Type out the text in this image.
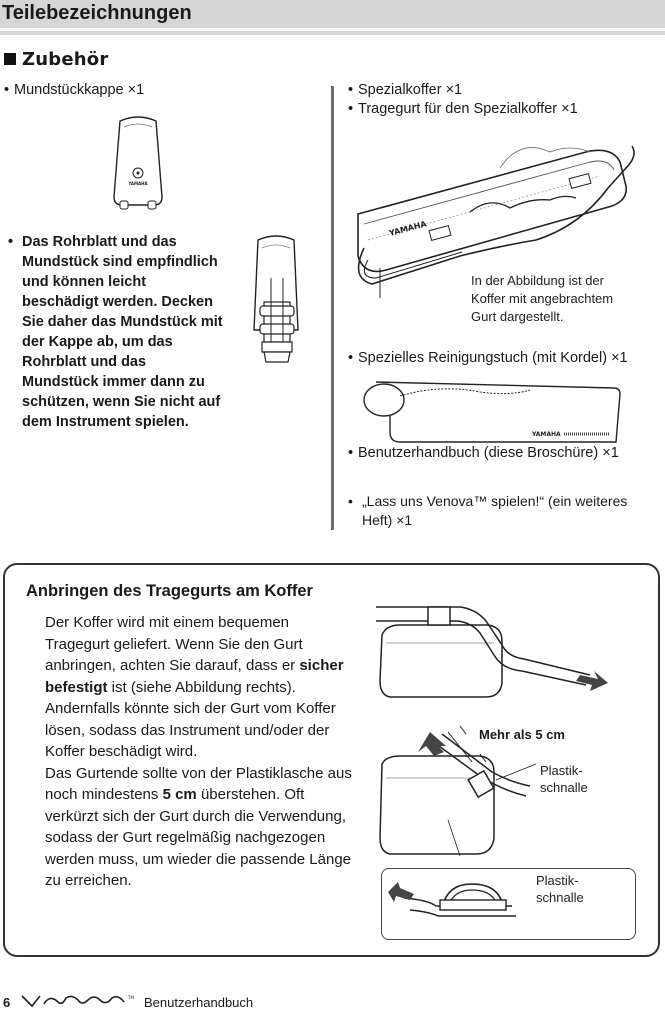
Teilebezeichnungen
Zubehör
• Mundstückkappe ×1
YAMAHA
• Das Rohrblatt und das Mundstück sind empfindlich und können leicht beschädigt werden. Decken Sie daher das Mundstück mit der Kappe ab, um das Rohrblatt und das Mundstück immer dann zu schützen, wenn Sie nicht auf dem Instrument spielen.
• Spezialkoffer ×1
• Tragegurt für den Spezialkoffer ×1
YAMAHA
In der Abbildung ist der Koffer mit angebrachtem Gurt dargestellt.
• Spezielles Reinigungstuch (mit Kordel) ×1
YAMAHA
• Benutzerhandbuch (diese Broschüre) ×1
• „Lass uns Venova™ spielen!“ (ein weiteres Heft) ×1
Anbringen des Tragegurts am Koffer
Der Koffer wird mit einem bequemen Tragegurt geliefert. Wenn Sie den Gurt anbringen, achten Sie darauf, dass er sicher befestigt ist (siehe Abbildung rechts). Andernfalls könnte sich der Gurt vom Koffer lösen, sodass das Instrument und/oder der Koffer beschädigt wird.
Das Gurtende sollte von der Plastiklasche aus noch mindestens 5 cm überstehen. Oft verkürzt sich der Gurt durch die Verwendung, sodass der Gurt regelmäßig nachgezogen werden muss, um wieder die passende Länge zu erreichen.
Mehr als 5 cm
Plastik-
schnalle
Plastik-
schnalle
6	TM Benutzerhandbuch
